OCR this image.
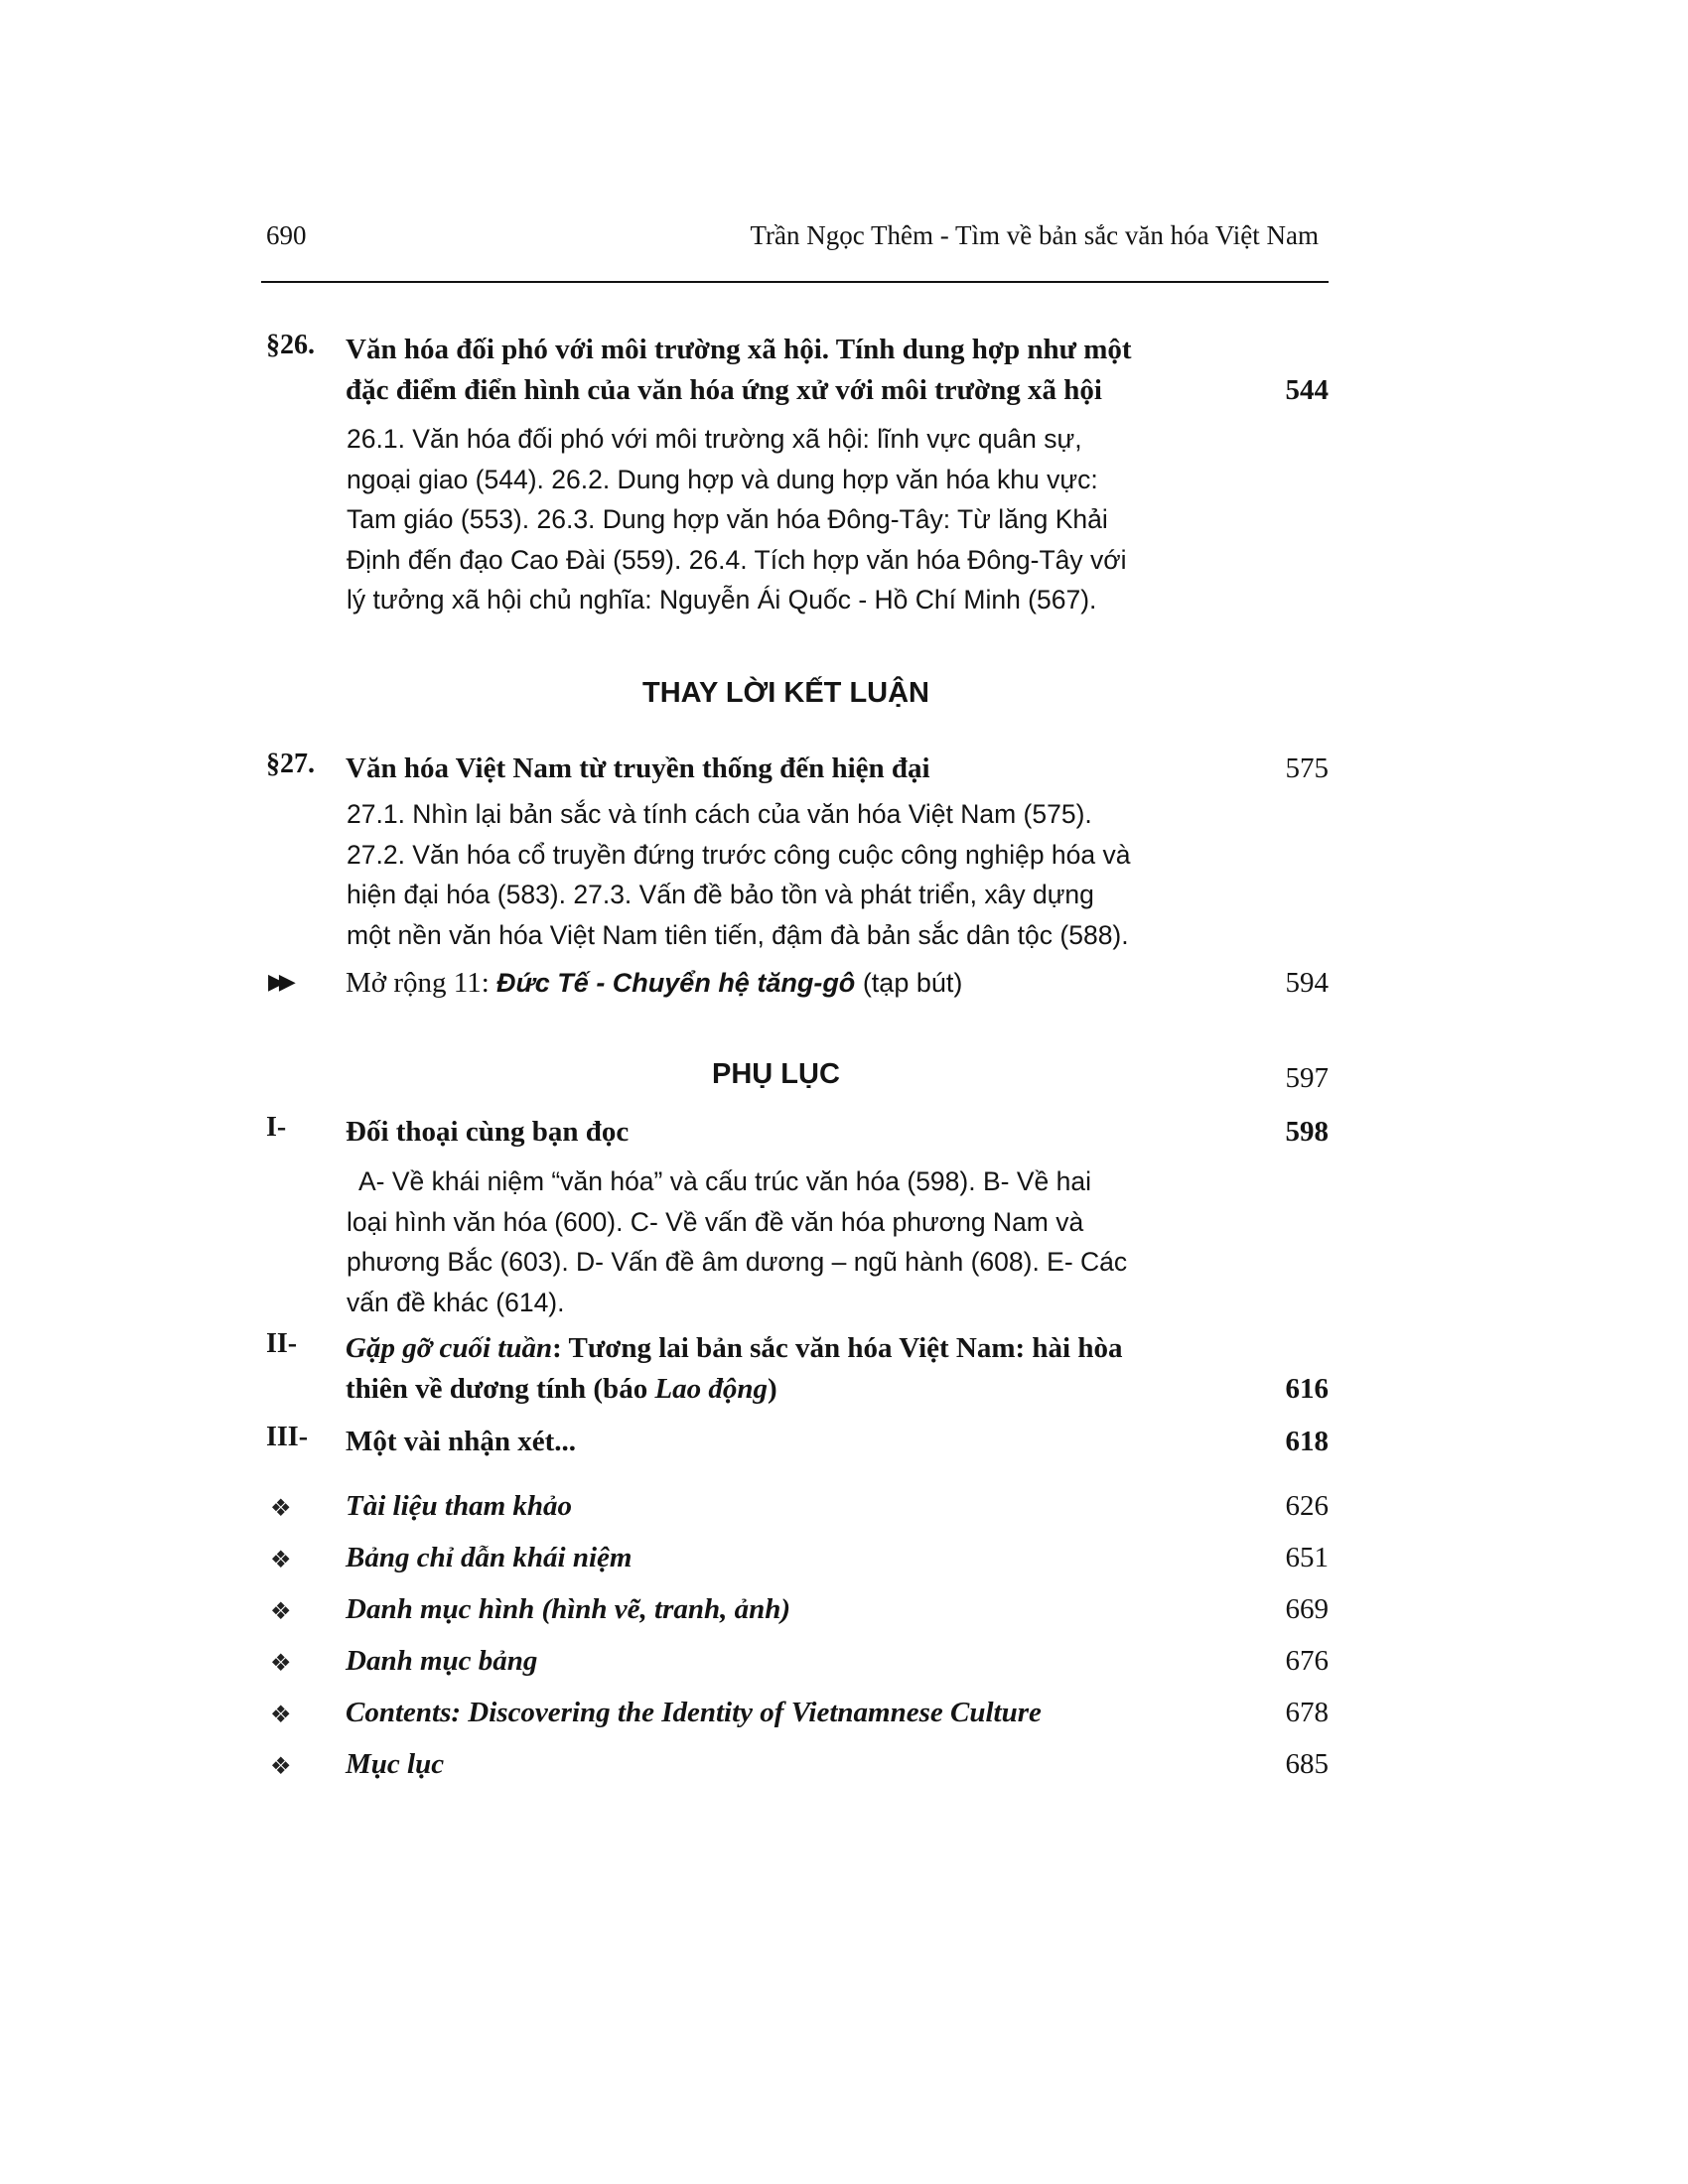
690	Trần Ngọc Thêm - Tìm về bản sắc văn hóa Việt Nam
§26. Văn hóa đối phó với môi trường xã hội. Tính dung hợp như một
đặc điểm điển hình của văn hóa ứng xử với môi trường xã hội	544
26.1. Văn hóa đối phó với môi trường xã hội: lĩnh vực quân sự,
ngoại giao (544). 26.2. Dung hợp và dung hợp văn hóa khu vực:
Tam giáo (553). 26.3. Dung hợp văn hóa Đông-Tây: Từ lăng Khải
Định đến đạo Cao Đài (559). 26.4. Tích hợp văn hóa Đông-Tây với
lý tưởng xã hội chủ nghĩa: Nguyễn Ái Quốc - Hồ Chí Minh (567).
THAY LỜI KẾT LUẬN
§27. Văn hóa Việt Nam từ truyền thống đến hiện đại	575
27.1. Nhìn lại bản sắc và tính cách của văn hóa Việt Nam (575).
27.2. Văn hóa cổ truyền đứng trước công cuộc công nghiệp hóa và
hiện đại hóa (583). 27.3. Vấn đề bảo tồn và phát triển, xây dựng
một nền văn hóa Việt Nam tiên tiến, đậm đà bản sắc dân tộc (588).
▶▶ Mở rộng 11: Đức Tế - Chuyển hệ tăng-gô (tạp bút)	594
PHỤ LỤC	597
I- Đối thoại cùng bạn đọc	598
A- Về khái niệm “văn hóa” và cấu trúc văn hóa (598). B- Về hai
loại hình văn hóa (600). C- Về vấn đề văn hóa phương Nam và
phương Bắc (603). D- Vấn đề âm dương – ngũ hành (608). E- Các
vấn đề khác (614).
II- Gặp gỡ cuối tuần: Tương lai bản sắc văn hóa Việt Nam: hài hòa
thiên về dương tính (báo Lao động)	616
III- Một vài nhận xét...	618
❖ Tài liệu tham khảo	626
❖ Bảng chỉ dẫn khái niệm	651
❖ Danh mục hình (hình vẽ, tranh, ảnh)	669
❖ Danh mục bảng	676
❖ Contents: Discovering the Identity of Vietnamnese Culture	678
❖ Mục lục	685
